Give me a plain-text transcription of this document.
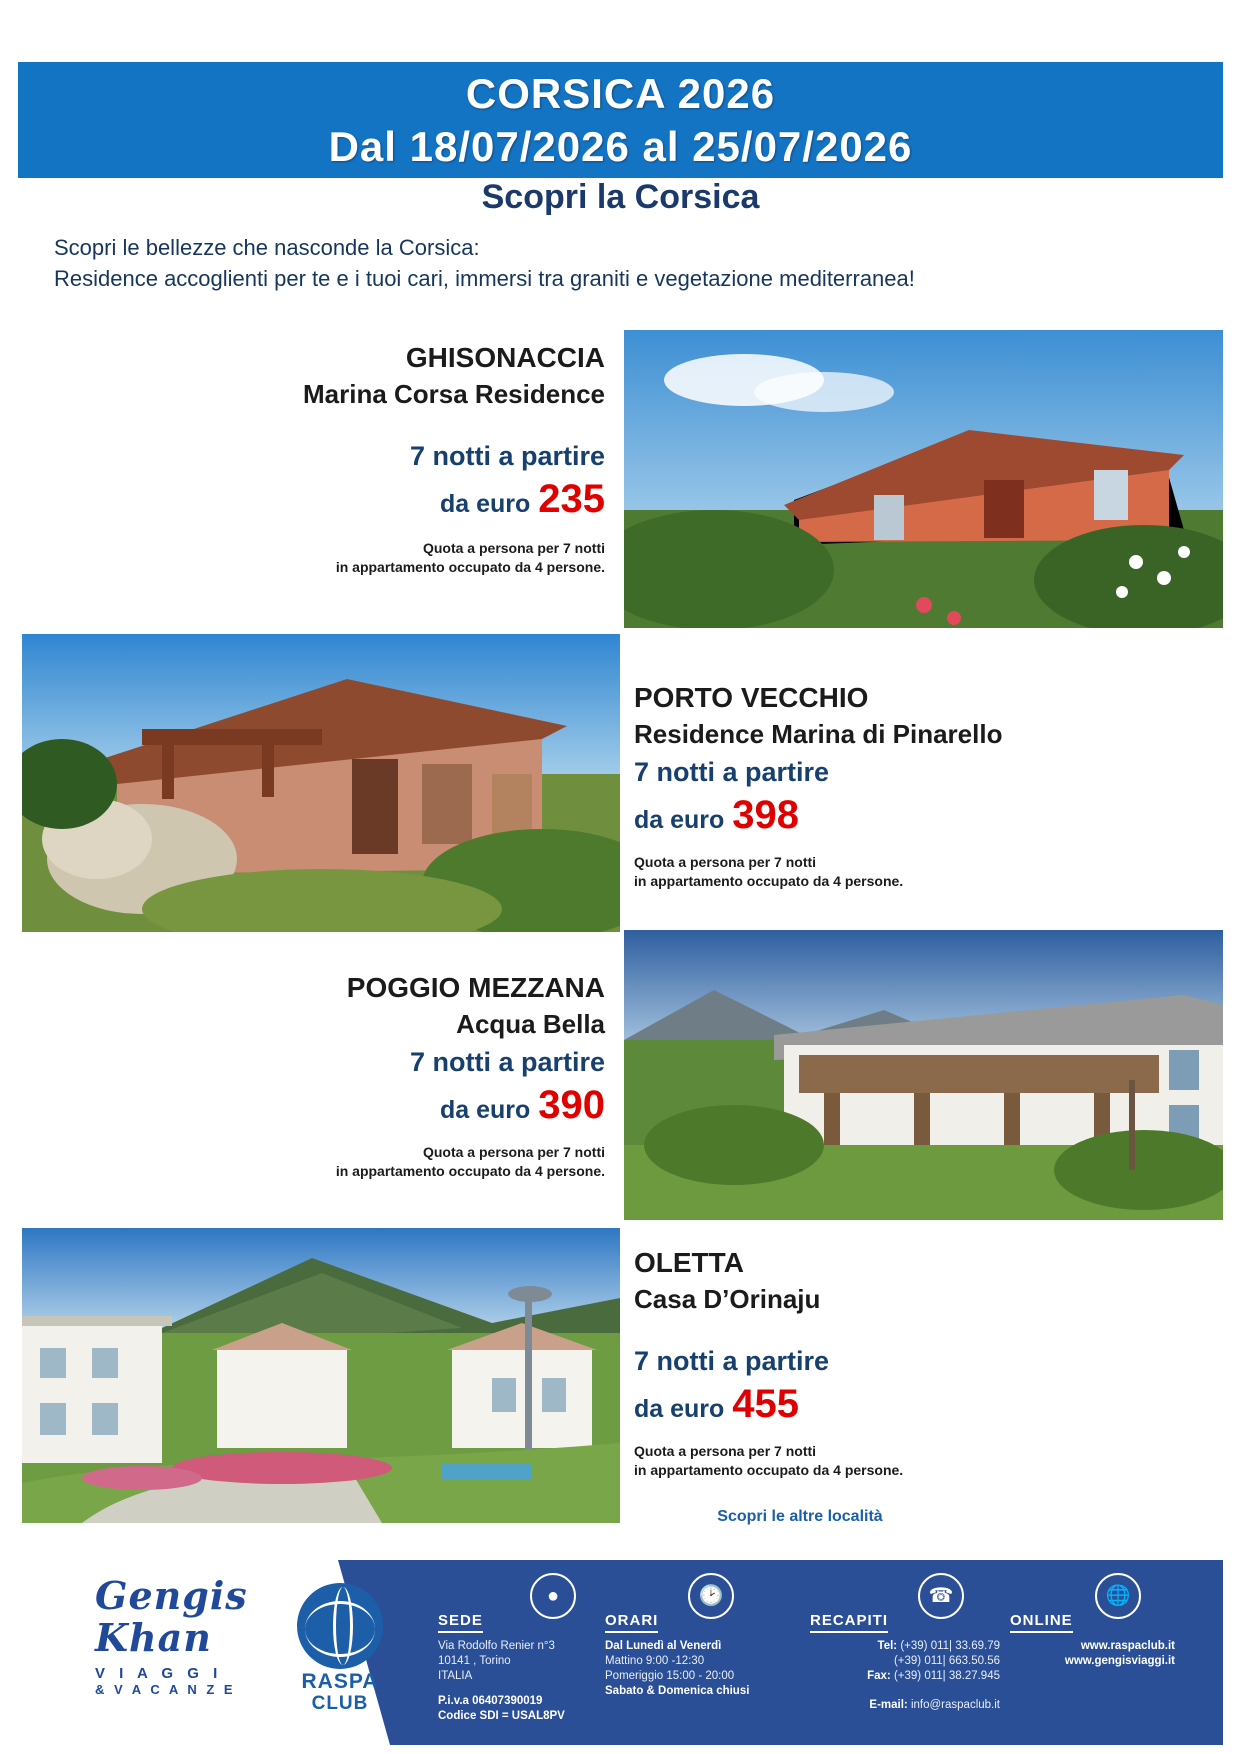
CORSICA 2026
Dal 18/07/2026 al 25/07/2026
Scopri la Corsica
Scopri le bellezze che nasconde la Corsica:
Residence accoglienti per te e i tuoi cari, immersi tra graniti e vegetazione mediterranea!
GHISONACCIA
Marina Corsa Residence
7 notti a partire
da euro 235
Quota a persona per 7 notti
in appartamento occupato da 4 persone.
PORTO VECCHIO
Residence Marina di Pinarello
7 notti a partire
da euro 398
Quota a persona per 7 notti
in appartamento occupato da 4 persone.
POGGIO MEZZANA
Acqua Bella
7 notti a partire
da euro 390
Quota a persona per 7 notti
in appartamento occupato da 4 persone.
OLETTA
Casa D’Orinaju
7 notti a partire
da euro 455
Quota a persona per 7 notti
in appartamento occupato da 4 persone.
Scopri le altre località
Gengis
Khan
V I A G G I
& V A C A N Z E	RASPA
CLUB
●
SEDE
Via Rodolfo Renier n°3
10141 , Torino
ITALIA
P.i.v.a 06407390019
Codice SDI = USAL8PV
🕑
ORARI
Dal Lunedì al Venerdì
Mattino 9:00 -12:30
Pomeriggio 15:00 - 20:00
Sabato & Domenica chiusi
☎
RECAPITI
Tel: (+39) 011| 33.69.79
(+39) 011| 663.50.56
Fax: (+39) 011| 38.27.945
E-mail: info@raspaclub.it
🌐
ONLINE
www.raspaclub.it
www.gengisviaggi.it
